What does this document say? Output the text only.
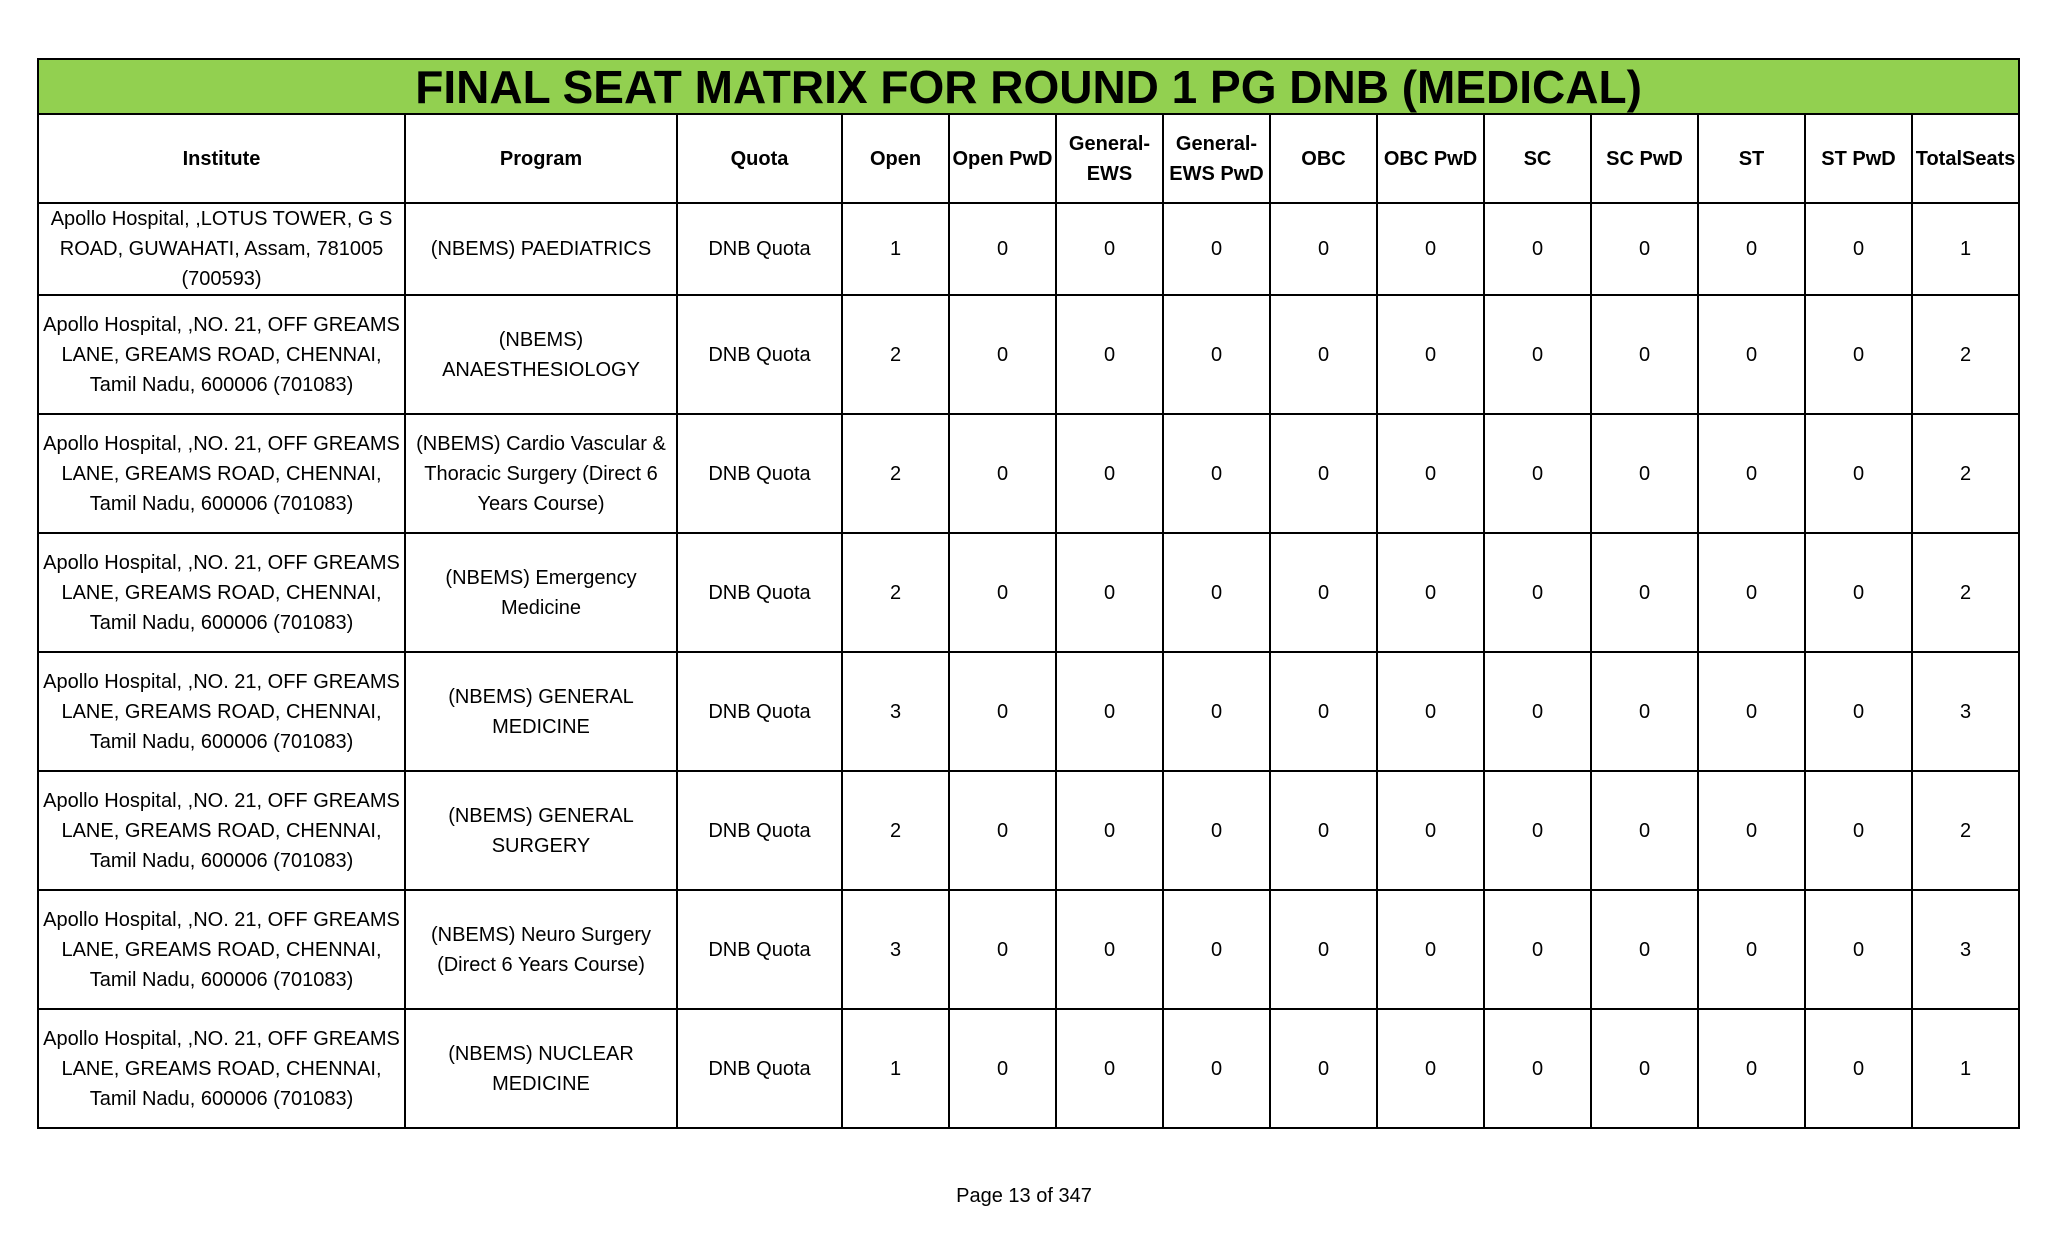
FINAL SEAT MATRIX FOR ROUND 1 PG DNB (MEDICAL)													
Institute	Program	Quota	Open	Open PwD	General-EWS	General-EWS PwD	OBC	OBC PwD	SC	SC PwD	ST	ST PwD	TotalSeats
Apollo Hospital, ,LOTUS TOWER, G S ROAD, GUWAHATI, Assam, 781005 (700593)	(NBEMS) PAEDIATRICS	DNB Quota	1	0	0	0	0	0	0	0	0	0	1
Apollo Hospital, ,NO. 21, OFF GREAMS LANE, GREAMS ROAD, CHENNAI, Tamil Nadu, 600006 (701083)	(NBEMS) ANAESTHESIOLOGY	DNB Quota	2	0	0	0	0	0	0	0	0	0	2
Apollo Hospital, ,NO. 21, OFF GREAMS LANE, GREAMS ROAD, CHENNAI, Tamil Nadu, 600006 (701083)	(NBEMS) Cardio Vascular & Thoracic Surgery (Direct 6 Years Course)	DNB Quota	2	0	0	0	0	0	0	0	0	0	2
Apollo Hospital, ,NO. 21, OFF GREAMS LANE, GREAMS ROAD, CHENNAI, Tamil Nadu, 600006 (701083)	(NBEMS) Emergency Medicine	DNB Quota	2	0	0	0	0	0	0	0	0	0	2
Apollo Hospital, ,NO. 21, OFF GREAMS LANE, GREAMS ROAD, CHENNAI, Tamil Nadu, 600006 (701083)	(NBEMS) GENERAL MEDICINE	DNB Quota	3	0	0	0	0	0	0	0	0	0	3
Apollo Hospital, ,NO. 21, OFF GREAMS LANE, GREAMS ROAD, CHENNAI, Tamil Nadu, 600006 (701083)	(NBEMS) GENERAL SURGERY	DNB Quota	2	0	0	0	0	0	0	0	0	0	2
Apollo Hospital, ,NO. 21, OFF GREAMS LANE, GREAMS ROAD, CHENNAI, Tamil Nadu, 600006 (701083)	(NBEMS) Neuro Surgery (Direct 6 Years Course)	DNB Quota	3	0	0	0	0	0	0	0	0	0	3
Apollo Hospital, ,NO. 21, OFF GREAMS LANE, GREAMS ROAD, CHENNAI, Tamil Nadu, 600006 (701083)	(NBEMS) NUCLEAR MEDICINE	DNB Quota	1	0	0	0	0	0	0	0	0	0	1
Page 13 of 347
